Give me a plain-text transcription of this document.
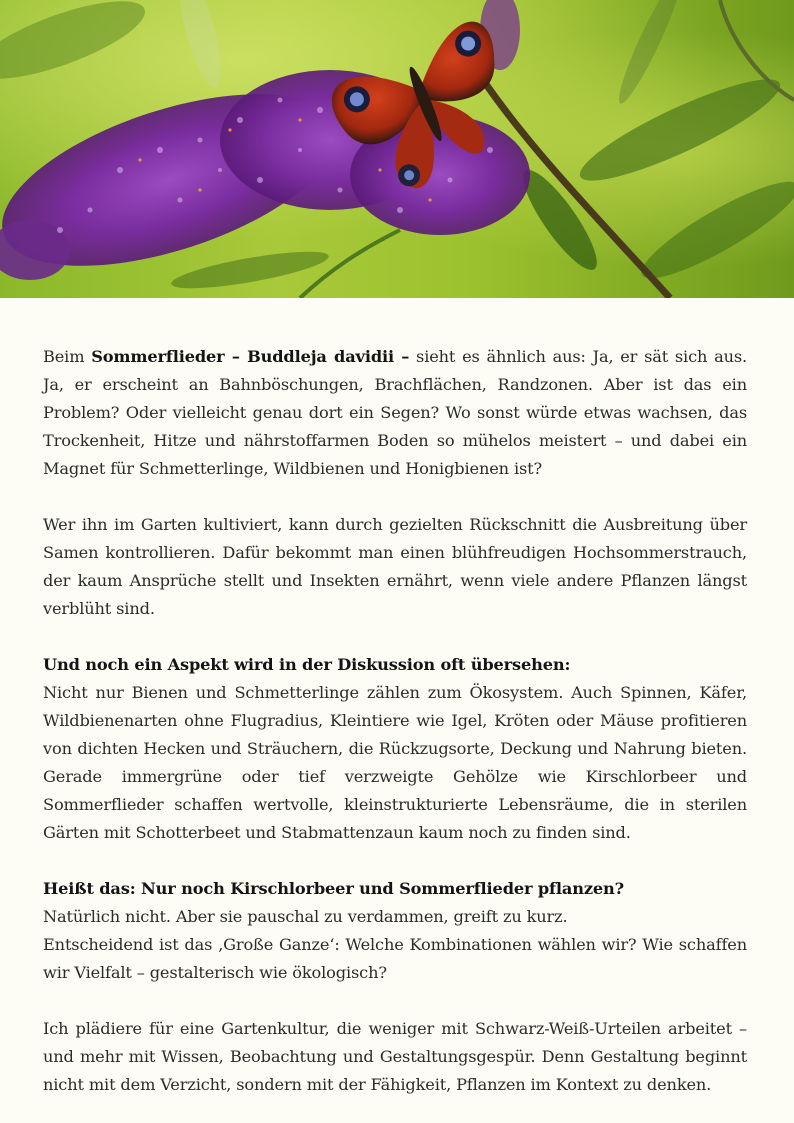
Beim Sommerflieder – Buddleja davidii – sieht es ähnlich aus: Ja, er sät sich aus. Ja, er erscheint an Bahnböschungen, Brachflächen, Randzonen. Aber ist das ein Problem? Oder vielleicht genau dort ein Segen? Wo sonst würde etwas wachsen, das Trockenheit, Hitze und nährstoffarmen Boden so mühelos meistert – und dabei ein Magnet für Schmetterlinge, Wildbienen und Honigbienen ist?

Wer ihn im Garten kultiviert, kann durch gezielten Rückschnitt die Ausbreitung über Samen kontrollieren. Dafür bekommt man einen blühfreudigen Hochsommerstrauch, der kaum Ansprüche stellt und Insekten ernährt, wenn viele andere Pflanzen längst verblüht sind.

Und noch ein Aspekt wird in der Diskussion oft übersehen:

Nicht nur Bienen und Schmetterlinge zählen zum Ökosystem. Auch Spinnen, Käfer, Wildbienenarten ohne Flugradius, Kleintiere wie Igel, Kröten oder Mäuse profitieren von dichten Hecken und Sträuchern, die Rückzugsorte, Deckung und Nahrung bieten. Gerade immergrüne oder tief verzweigte Gehölze wie Kirschlorbeer und Sommerflieder schaffen wertvolle, kleinstrukturierte Lebensräume, die in sterilen Gärten mit Schotterbeet und Stabmattenzaun kaum noch zu finden sind.

Heißt das: Nur noch Kirschlorbeer und Sommerflieder pflanzen?

Natürlich nicht. Aber sie pauschal zu verdammen, greift zu kurz.

Entscheidend ist das ‚Große Ganze‘: Welche Kombinationen wählen wir? Wie schaffen wir Vielfalt – gestalterisch wie ökologisch?

Ich plädiere für eine Gartenkultur, die weniger mit Schwarz-Weiß-Urteilen arbeitet – und mehr mit Wissen, Beobachtung und Gestaltungsgespür. Denn Gestaltung beginnt nicht mit dem Verzicht, sondern mit der Fähigkeit, Pflanzen im Kontext zu denken.
